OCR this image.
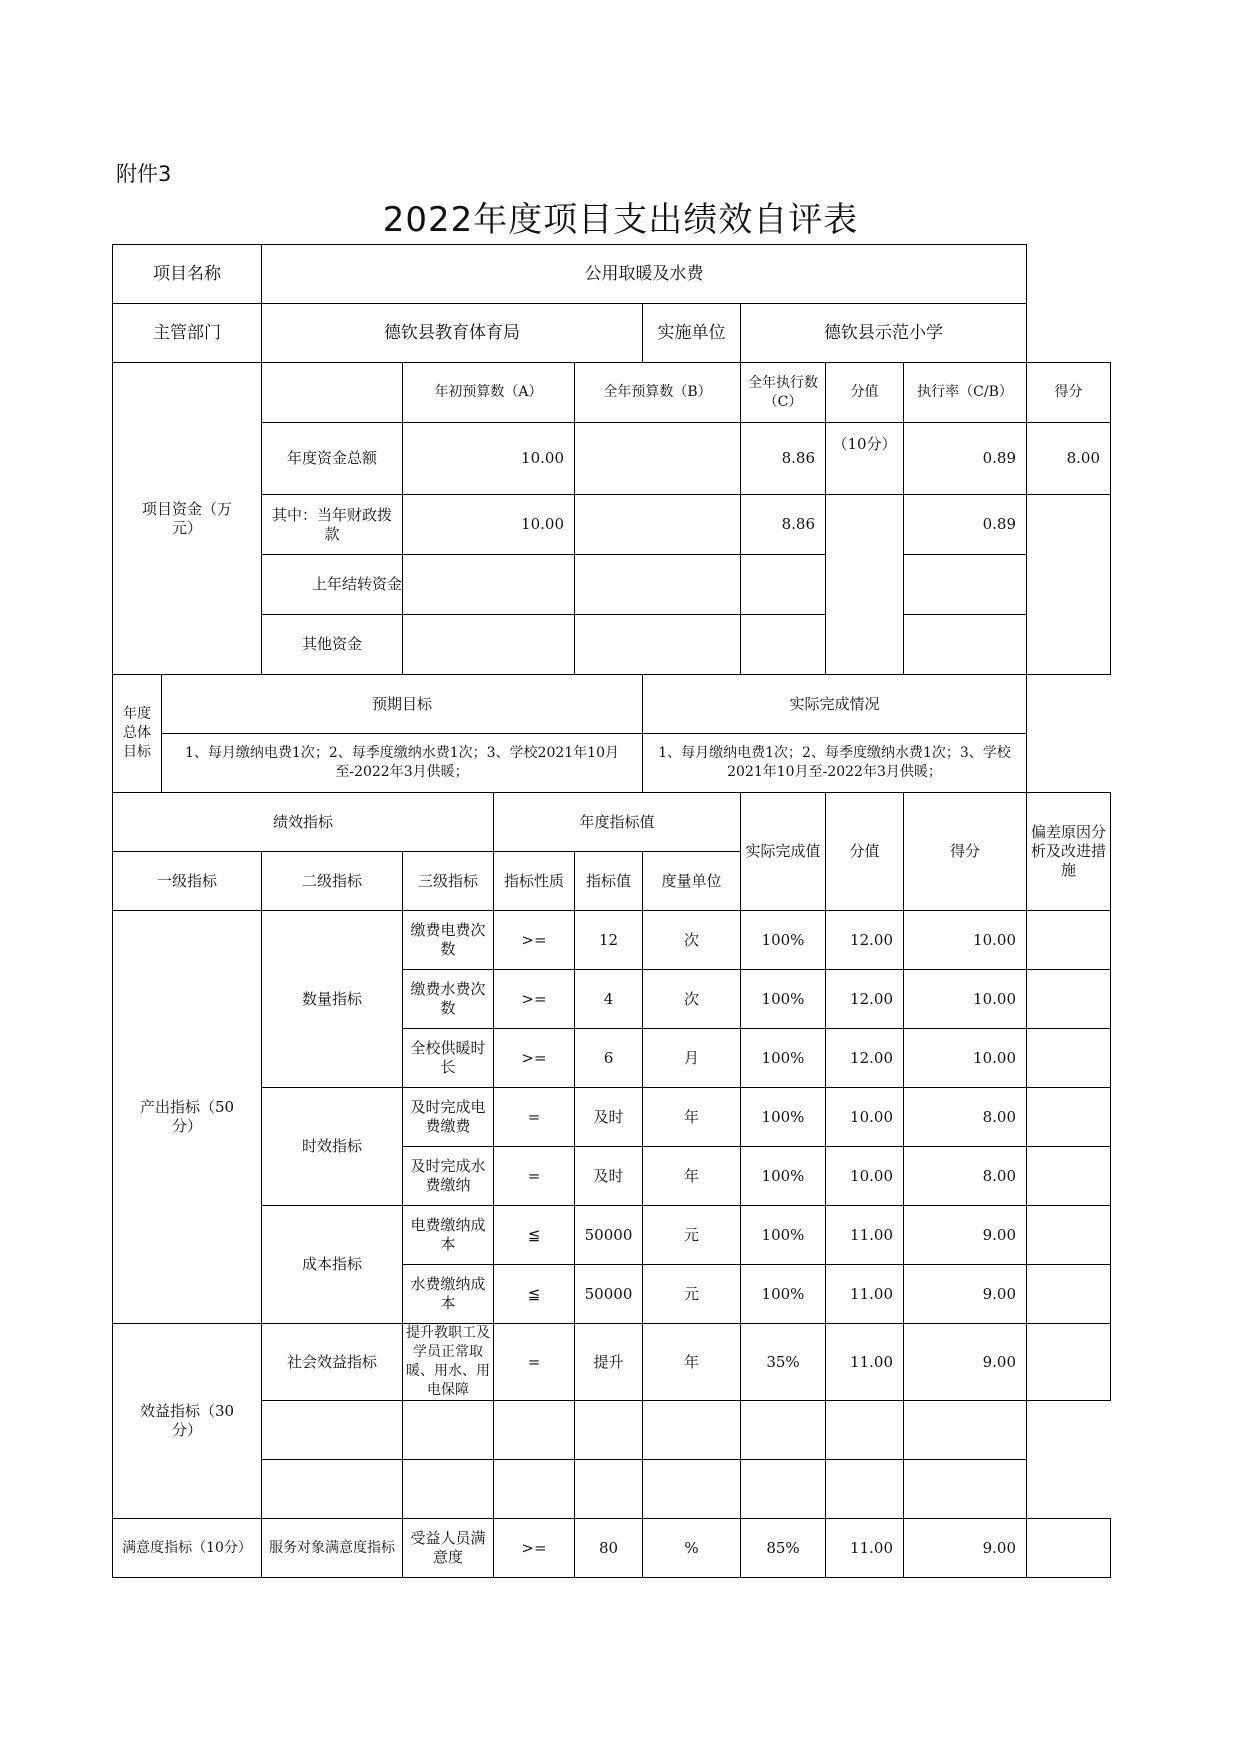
附件3
2022年度项目支出绩效自评表
项目名称		公用取暖及水费								
主管部门		德钦县教育体育局				实施单位	德钦县示范小学			
项目资金（万元）			年初预算数（A）		全年预算数（B）		全年执行数（C）	分值	执行率（C/B）	得分
		年度资金总额	10.00				8.86	（10分）	0.89	8.00
		其中：当年财政拨款	10.00				8.86		0.89	
		上年结转资金								
		其他资金								
年度总体目标	预期目标					实际完成情况				
	1、每月缴纳电费1次；2、每季度缴纳水费1次；3、学校2021年10月至-2022年3月供暖；					1、每月缴纳电费1次；2、每季度缴纳水费1次；3、学校2021年10月至-2022年3月供暖；				
绩效指标				年度指标值			实际完成值	分值	得分	偏差原因分析及改进措施
一级指标		二级指标	三级指标	指标性质	指标值	度量单位				
产出指标（50分）		数量指标	缴费电费次数	>=	12	次	100%	12.00	10.00	
			缴费水费次数	>=	4	次	100%	12.00	10.00	
			全校供暖时长	>=	6	月	100%	12.00	10.00	
		时效指标	及时完成电费缴费	=	及时	年	100%	10.00	8.00	
			及时完成水费缴纳	=	及时	年	100%	10.00	8.00	
		成本指标	电费缴纳成本	≦	50000	元	100%	11.00	9.00	
			水费缴纳成本	≦	50000	元	100%	11.00	9.00	
效益指标（30分）		社会效益指标	提升教职工及学员正常取暖、用水、用电保障	=	提升	年	35%	11.00	9.00	

满意度指标（10分）		服务对象满意度指标	受益人员满意度	>=	80	%	85%	11.00	9.00	
